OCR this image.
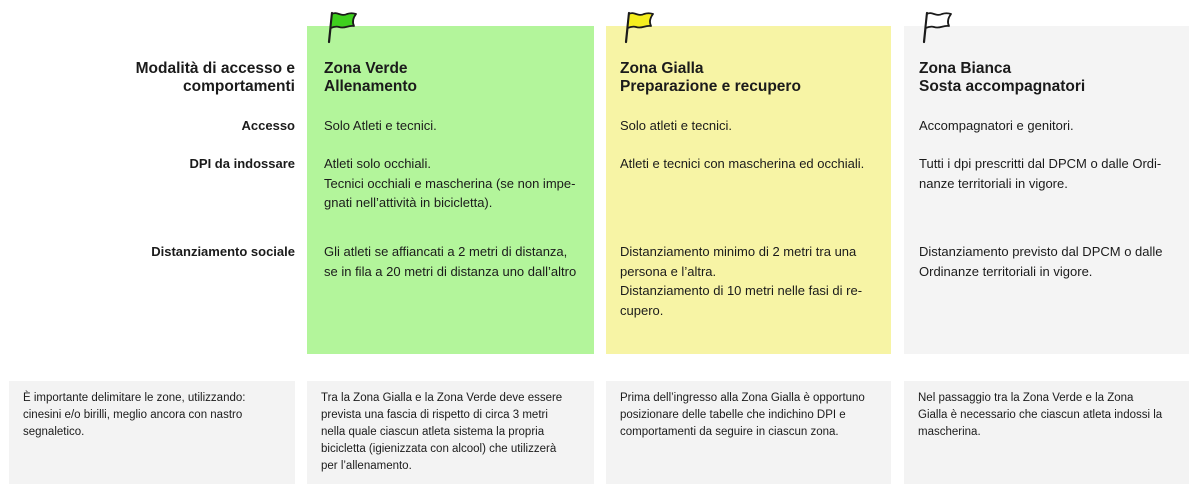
Modalità di accesso e
comportamenti
Accesso
DPI da indossare
Distanziamento sociale
Zona Verde
Allenamento
Solo Atleti e tecnici.
Atleti solo occhiali.
Tecnici occhiali e mascherina (se non impe-
gnati nell’attività in bicicletta).
Gli atleti se affiancati a 2 metri di distanza,
se in fila a 20 metri di distanza uno dall’altro
Zona Gialla
Preparazione e recupero
Solo atleti e tecnici.
Atleti e tecnici con mascherina ed occhiali.
Distanziamento minimo di 2 metri tra una
persona e l’altra.
Distanziamento di 10 metri nelle fasi di re-
cupero.
Zona Bianca
Sosta accompagnatori
Accompagnatori e genitori.
Tutti i dpi prescritti dal DPCM o dalle Ordi-
nanze territoriali in vigore.
Distanziamento previsto dal DPCM o dalle
Ordinanze territoriali in vigore.
È importante delimitare le zone, utilizzando:
cinesini e/o birilli, meglio ancora con nastro
segnaletico.
Tra la Zona Gialla e la Zona Verde deve essere
prevista una fascia di rispetto di circa 3 metri
nella quale ciascun atleta sistema la propria
bicicletta (igienizzata con alcool) che utilizzerà
per l’allenamento.
Prima dell’ingresso alla Zona Gialla è opportuno
posizionare delle tabelle che indichino DPI e
comportamenti da seguire in ciascun zona.
Nel passaggio tra la Zona Verde e la Zona
Gialla è necessario che ciascun atleta indossi la
mascherina.
